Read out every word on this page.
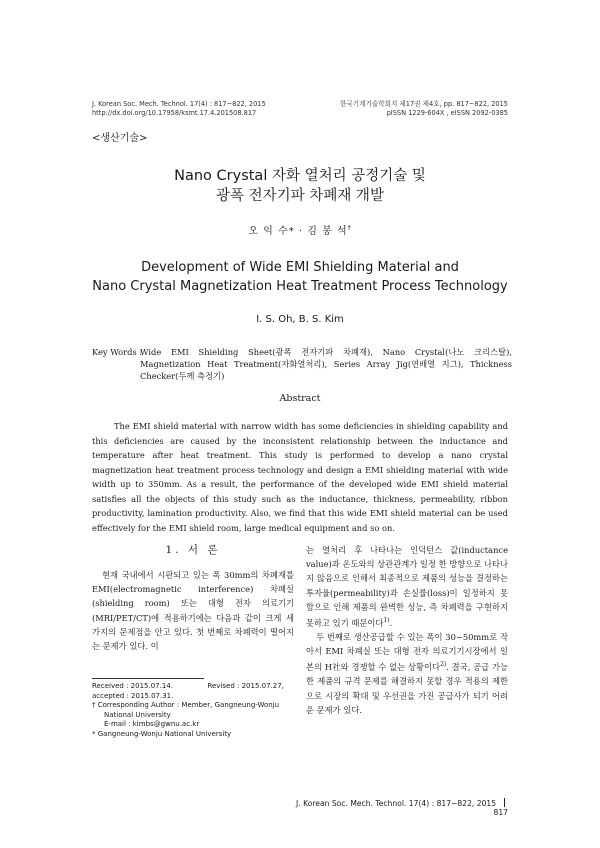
J. Korean Soc. Mech. Technol. 17(4) : 817~822, 2015
http://dx.doi.org/10.17958/ksmt.17.4.201508.817
한국기계기술학회지 제17권 제4호, pp. 817~822, 2015
pISSN 1229-604X , eISSN 2092-0385
<생산기술>
Nano Crystal 자화 열처리 공정기술 및
광폭 전자기파 차폐재 개발
오 익 수* · 김 봉 석†
Development of Wide EMI Shielding Material and
Nano Crystal Magnetization Heat Treatment Process Technology
I. S. Oh, B. S. Kim
Key Words :
Wide EMI Shielding Sheet(광폭 전자기파 차폐재), Nano Crystal(나노 크리스탈), Magnetization Heat Treatment(자화열처리), Series Array Jig(연배열 지그), Thickness Checker(두께 측정기)
Abstract

The EMI shield material with narrow width has some deficiencies in shielding capability and this deficiencies are caused by the inconsistent relationship between the inductance and temperature after heat treatment. This study is performed to develop a nano crystal magnetization heat treatment process technology and design a EMI shielding material with wide width up to 350mm. As a result, the performance of the developed wide EMI shield material satisfies all the objects of this study such as the inductance, thickness, permeability, ribbon productivity, lamination productivity. Also, we find that this wide EMI shield material can be used effectively for the EMI shield room, large medical equipment and so on.

1. 서 론

현재 국내에서 시판되고 있는 폭 30mm의 차폐재를 EMI(electromagnetic interference) 차폐실(shielding room) 또는 대형 전자 의료기기 (MRI/PET/CT)에 적용하기에는 다음과 같이 크게 세 가지의 문제점을 안고 있다. 첫 번째로 차폐력이 떨어지는 문제가 있다. 이

는 열처리 후 나타나는 인덕턴스 값(inductance value)과 온도와의 상관관계가 일정 한 방향으로 나타나지 않음으로 인해서 최종적으로 제품의 성능을 결정하는 투자율(permeability)과 손실률(loss)이 일정하지 못함으로 인해 제품의 완벽한 성능, 즉 차폐력을 구현하지 못하고 있기 때문이다$^{1)}$.

두 번째로 생산공급할 수 있는 폭이 30~50mm로 작아서 EMI 차폐실 또는 대형 전자 의료기기시장에서 일본의 H社와 경쟁할 수 없는 상황이다$^{2)}$. 결국, 공급 가능한 제품의 규격 문제를 해결하지 못할 경우 적용의 제한으로 시장의 확대 및 우선권을 가진 공급사가 되기 어려운 문제가 있다.

Received : 2015.07.14.	Revised : 2015.07.27,
accepted : 2015.07.31.
† Corresponding Author : Member, Gangneung-Wonju
National University
E-mail : kimbs@gwnu.ac.kr
* Gangneung-Wonju National University
J. Korean Soc. Mech. Technol. 17(4) : 817~822, 2015  817
